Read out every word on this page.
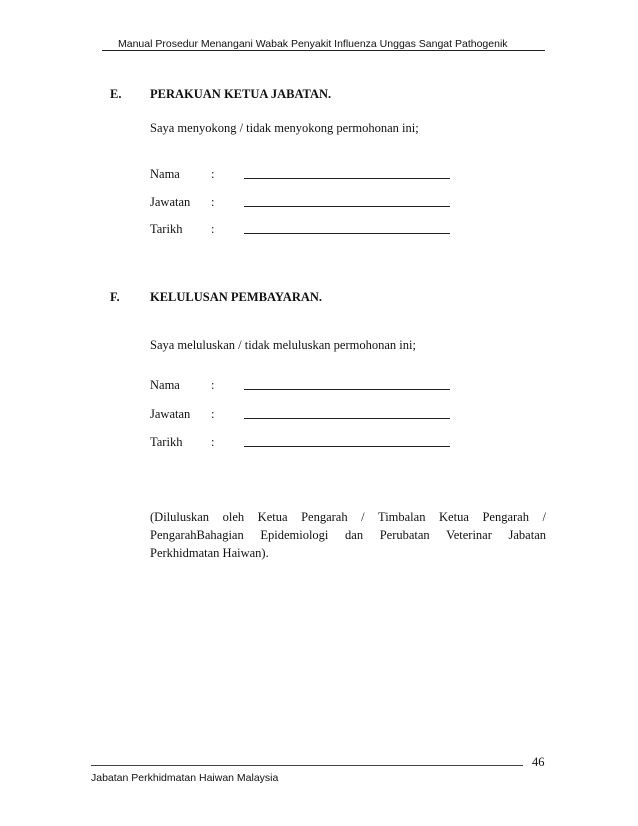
Manual Prosedur Menangani Wabak Penyakit Influenza Unggas Sangat Pathogenik
E. PERAKUAN KETUA JABATAN.
Saya menyokong / tidak menyokong permohonan ini;
Nama :
Jawatan :
Tarikh :
F. KELULUSAN PEMBAYARAN.
Saya meluluskan / tidak meluluskan permohonan ini;
Nama :
Jawatan :
Tarikh :
(Diluluskan oleh Ketua Pengarah / Timbalan Ketua Pengarah / PengarahBahagian Epidemiologi dan Perubatan Veterinar Jabatan Perkhidmatan Haiwan).
46
Jabatan Perkhidmatan Haiwan Malaysia
